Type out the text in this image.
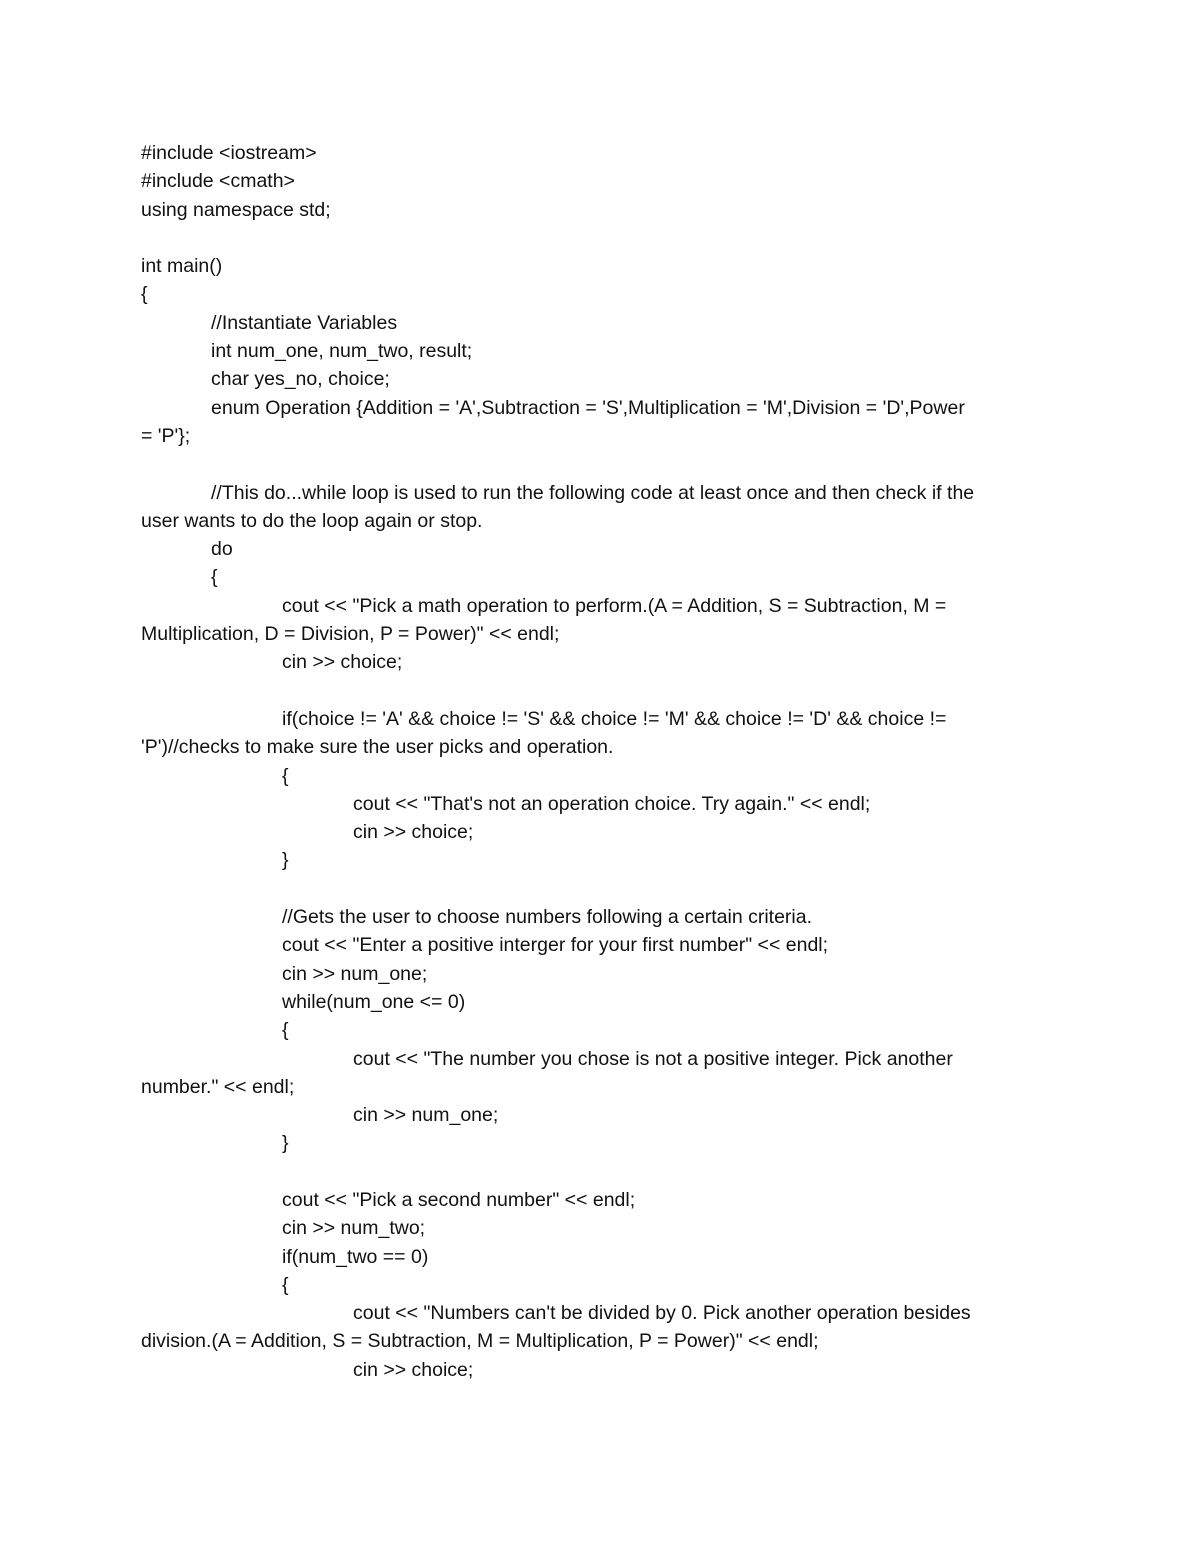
#include <iostream>
#include <cmath>
using namespace std;
int main()
{
//Instantiate Variables
int num_one, num_two, result;
char yes_no, choice;
enum Operation {Addition = 'A',Subtraction = 'S',Multiplication = 'M',Division = 'D',Power
= 'P'};
//This do...while loop is used to run the following code at least once and then check if the
user wants to do the loop again or stop.
do
{
cout << "Pick a math operation to perform.(A = Addition, S = Subtraction, M =
Multiplication, D = Division, P = Power)" << endl;
cin >> choice;
if(choice != 'A' && choice != 'S' && choice != 'M' && choice != 'D' && choice !=
'P')//checks to make sure the user picks and operation.
{
cout << "That's not an operation choice. Try again." << endl;
cin >> choice;
}
//Gets the user to choose numbers following a certain criteria.
cout << "Enter a positive interger for your first number" << endl;
cin >> num_one;
while(num_one <= 0)
{
cout << "The number you chose is not a positive integer. Pick another
number." << endl;
cin >> num_one;
}
cout << "Pick a second number" << endl;
cin >> num_two;
if(num_two == 0)
{
cout << "Numbers can't be divided by 0. Pick another operation besides
division.(A = Addition, S = Subtraction, M = Multiplication, P = Power)" << endl;
cin >> choice;
